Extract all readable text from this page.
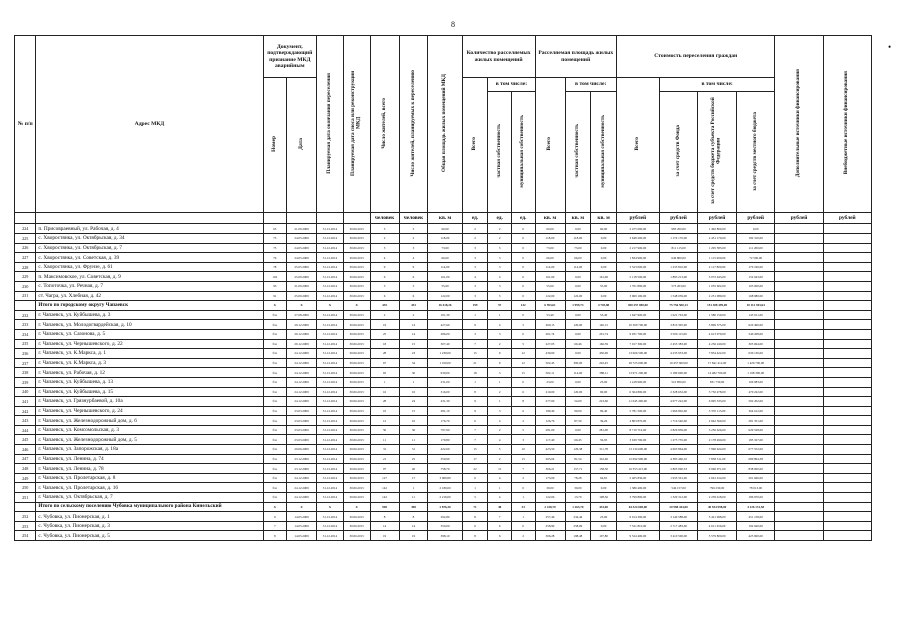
8
•
№ п/п	Адрес МКД	Документ, подтверждающий признание МКД аварийным		Планируемая дата окончания переселения	Планируемая дата сноса или реконструкции МКД	Число жителей, всего	Число жителей, планируемых к переселению	Общая площадь жилых помещений МКД	Количество расселяемых жилых помещений			Расселяемая площадь жилых помещений			Стоимость переселения граждан				Дополнительные источники финансирования	Внебюджетные источники финансирования
		Номер	Дата						Всего	в том числе:		Всего	в том числе:		Всего	в том числе:				
										частная собственность	муниципальная собственность		частная собственность	муниципальная собственность		за счет средств Фонда	за счет средств бюджета субъекта Российской Федерации	за счет средств местного бюджета		
						человек	человек	кв. м	ед.	ед.	ед.	кв. м	кв. м	кв. м	рублей	рублей	рублей	рублей	рублей	рублей
224	п. Присовраевный, ул. Рабочая, д. 4	65	21.09.2009	31.12.2014	30.06.2015	3	3	60,00	2	2	0	60,00	0,00	60,00	2 475 000,00	983 200,00	1 492 800,00	0,00		
225	с. Хворостянка, ул. Октябрьская, д. 34	73	24.05.2009	31.12.2014	30.06.2015	2	2	118,00	2	2	0	118,00	118,00	0,00	3 648 200,00	1 174 170,00	2 451 170,00	182 310,00		
226	с. Хворостянка, ул. Октябрьская, д. 7	75	24.05.2009	31.12.2014	30.06.2015	3	3	73,00	3	3	0	73,00	73,00	0,00	2 217 900,00	811 115,00	1 295 585,00	111 200,00		
227	с. Хворостянка, ул. Советская, д. 39	76	24.05.2009	31.12.2014	30.06.2015	4	4	66,00	3	3	0	66,00	66,00	0,00	1 834 900,00	646 800,00	1 115 600,00	72 500,00		
228	с. Хворостянка, ул. Фрунзе, д. 61	78	25.05.2009	31.12.2014	30.06.2015	9	9	114,00	3	3	0	114,00	114,00	0,00	3 523 000,00	1 235 810,00	2 117 800,00	170 190,00		
229	п. Максимовское, ул. Советская, д. 9	102	25.09.2009	31.12.2014	30.06.2015	6	6	161,00	4	4	0	161,00	0,00	161,00	5 118 500,00	1 893 213,00	3 072 643,00	152 643,00		
230	с. Топоточка, ул. Речная, д. 7	93	21.09.2009	31.12.2014	30.06.2015	3	3	55,00	3	3	0	55,00	0,00	55,00	1 701 800,00	573 203,00	1 055 602,00	103 000,00		
231	ст. Чагра, ул. Хлебная, д. 42	91	25.09.2009	31.12.2014	30.06.2015	6	6	122,00	3	3	0	122,00	122,00	0,00	3 969 100,00	1 548 039,00	2 251 089,00	168 980,00		
	Итого по городскому округу Чапаевск	X	X	X	X	435	433	16 418,26	199	57	142	6 593,61	1 999,73	4 703,88	300 257 000,00	75 756 500,13	151 308 499,00	10 112 943,64		
232	г. Чапаевск, ул. Куйбышева, д. 3	б/н	27.08.2009	31.12.2014	30.06.2015	2	2	101,30	1	1	0	53,40	0,00	53,40	1 647 900,00	1 021 763,00	1 580 159,00	145 911,00		
233	г. Чапаевск, ул. Молодогвардейская, д. 10	б/н	29.12.2009	31.12.2014	30.06.2015	19	14	427,60	9	4	5	260,15	120,00	140,15	10 309 700,00	3 810 395,00	5 869 575,00	620 490,00		
234	г. Чапаевск, ул. Сазонова, д. 5	б/н	29.12.2009	31.12.2014	30.06.2015	25	14	286,00	3	3	0	201,74	0,00	201,74	9 931 700,00	3 506 115,00	4 613 079,00	540 208,00		
235	г. Чапаевск, ул. Чернышевского, д. 22	б/н	29.12.2009	31.12.2014	30.06.2015	18	15	307,40	7	2	5	227,05	60,46	166,59	7 017 300,00	2 455 383,00	4 256 240,00	305 694,00		
236	г. Чапаевск, ул. К.Маркса, д. 1	б/н	24.12.2009	31.12.2014	30.06.2015	28	23	1 230,00	15	9	12	430,00	0,00	430,00	13 666 500,00	4 235 953,00	7 854 422,00	630 136,00		
237	г. Чапаевск, ул. К.Маркса, д. 3	б/н	24.12.2009	31.12.2014	30.06.2015	67	34	1 100,00	21	9	12	502,45	300,00	202,45	29 725 600,00	10 457 600,00	17 841 412,00	1 426 700,00		
238	г. Чапаевск, ул. Рабочая, д. 12	б/н	24.12.2009	31.12.2014	30.06.2015	65	30	930,00	18	3	15	502,11	114,00	388,11	13 971 200,00	5 189 600,00	14 482 700,00	1 198 300,00		
239	г. Чапаевск, ул. Куйбышева, д. 13	б/н	24.12.2009	31.12.2014	30.06.2015	1	1	231,00	1	1	0	23,00	0,00	23,00	1 418 900,00	510 850,00	831 730,00	100 083,00		
240	г. Чапаевск, ул. Куйбышева, д. 15	б/н	24.12.2009	31.12.2014	30.06.2015	16	10	316,00	8	2	6	210,00	120,00	90,00	6 364 800,00	2 328 632,00	3 750 478,00	470 222,00		
241	г. Чапаевск, ул. Грязнурбаевой, д. 10а	б/н	24.12.2009	31.12.2014	30.06.2015	28	24	431,30	9	1	8	277,60	54,00	223,60	11 045 200,00	4 077 222,00	6 995 333,00	592 452,00		
242	г. Чапаевск, ул. Чернышевского, д. 24	б/н	23.03.2009	31.12.2014	30.06.2015	10	15	281,10	9	3	6	189,40	90,00	99,40	5 781 500,00	1 966 802,00	3 370 115,00	364 612,00		
243	г. Чапаевск, ул. Железнодорожный дом, д. 6	б/н	23.03.2009	31.12.2014	30.06.2015	12	10	176,70	6	4	2	126,76	87,50	39,26	4 803 870,00	1 716 540,00	2 942 569,00	281 351,00		
244	г. Чапаевск, ул. Комсомольская, д. 3	б/н	23.03.2009	31.12.2014	30.06.2015	50	36	797,90	7	2	5	281,00	0,00	281,00	8 710 716,00	2 826 839,00	5 256 626,00	629 528,00		
245	г. Чапаевск, ул. Железнодорожный дом, д. 5	б/н	23.03.2009	31.12.2014	30.06.2015	11	11	179,80	7	4	3	117,40	60,45	56,95	3 639 700,00	1 275 735,00	2 178 490,00	185 327,00		
246	г. Чапаевск, ул. Запорожская, д. 18а	б/н	20.06.2009	31.12.2014	30.06.2015	31	31	422,60	15	5	10	423,50	129,38	311,78	13 134 600,00	4 603 864,00	7 996 624,00	677 552,00		
247	г. Чапаевск, ул. Ленина, д. 74	б/н	23.12.2009	31.12.2014	30.06.2015	21	25	350,90	17	2	15	265,04	81,54	322,60	12 092 990,00	4 383 460,10	7 858 311,00	680 894,38		
248	г. Чапаевск, ул. Ленина, д. 78	б/н	23.12.2009	31.12.2014	30.06.2015	97	40	758,70	22	15	7	306,21	157,71	158,50	16 353 415,00	5 805 090,33	9 960 071,00	838 000,00		
249	г. Чапаевск, ул. Пролетарская, д. 8	б/н	24.12.2009	31.12.2014	30.06.2015	127	17	3 009,80	6	4	2	173,09	78,28	94,81	5 405 836,00	1 935 501,00	2 661 614,00	201 666,00		
250	г. Чапаевск, ул. Пролетарская, д. 16	б/н	24.12.2009	31.12.2014	30.06.2015	142	1	2 180,00	1	1	0	30,00	30,00	0,00	1 386 400,00	546 157,00	796 230,00	78 013,00		
251	г. Чапаевск, ул. Октябрьская, д. 7	б/н	24.12.2009	31.12.2014	30.06.2015	142	11	2 219,00	5	4	1	122,06	13,70	108,36	3 799 800,00	1 329 312,00	2 239 618,00	186 970,00		
	Итого по сельскому поселению Чубовка муниципального района Кинельский	X	X	X	X	948	398	2 876,30	71	48	33	2 418,70	1 263,70	433,00	64 324 000,00	20 988 444,00	40 554 998,00	4 126 131,58		
252	с. Чубовка, ул. Пионерская, д. 1	9	14.05.2009	31.12.2014	30.06.2015	8	8	292,80	8	7	1	257,46	234,46	23,00	9 014 300,00	3 140 588,00	5 421 098,00	451 158,00		
253	с. Чубовка, ул. Пионерская, д. 3	7	14.05.2009	31.12.2014	30.06.2015	14	14	350,00	6	6	0	258,99	258,99	0,00	7 521 810,00	2 717 483,00	4 611 456,00	192 640,00		
254	с. Чубовка, ул. Пионерская, д. 5	8	14.05.2009	31.12.2014	30.06.2015	19	19	398,10	8	6	2	306,28	198,48	107,80	9 524 400,00	3 410 500,00	5 579 800,00	423 900,00		
